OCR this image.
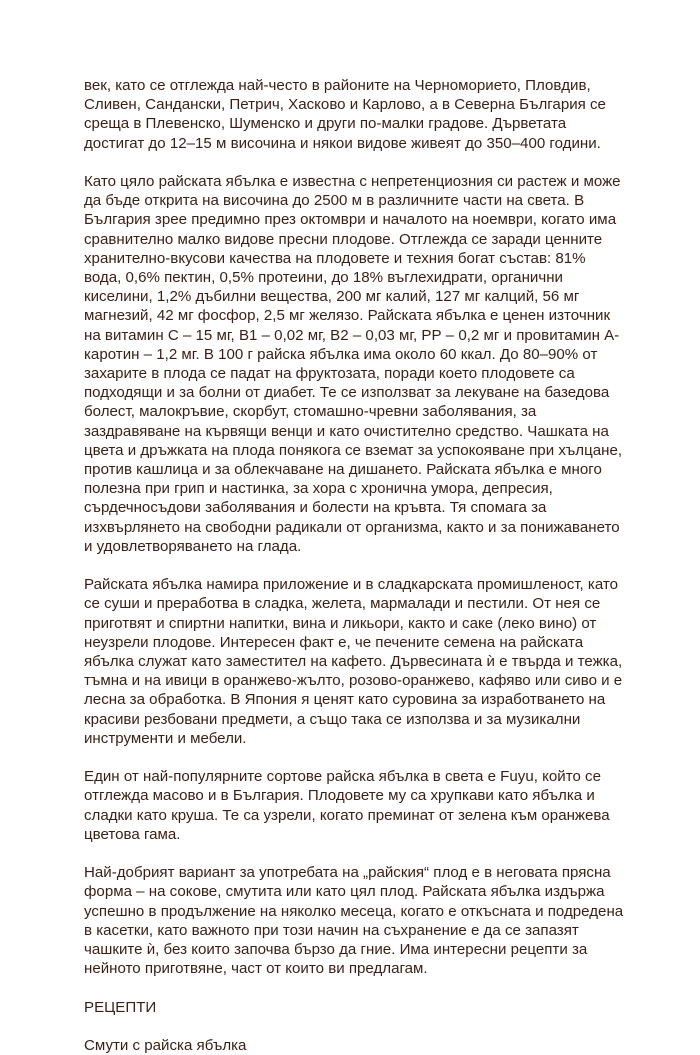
век, като се отглежда най-често в районите на Черноморието, Пловдив, Сливен, Сандански, Петрич, Хасково и Карлово, а в Северна България се среща в Плевенско, Шуменско и други по-малки градове. Дърветата достигат до 12–15 м височина и някои видове живеят до 350–400 години.

Като цяло райската ябълка е известна с непретенциозния си растеж и може да бъде открита на височина до 2500 м в различните части на света. В България зрее предимно през октомври и началото на ноември, когато има сравнително малко видове пресни плодове. Отглежда се заради ценните хранително-вкусови качества на плодовете и техния богат състав: 81% вода, 0,6% пектин, 0,5% протеини, до 18% въглехидрати, органични киселини, 1,2% дъбилни вещества, 200 мг калий, 127 мг калций, 56 мг магнезий, 42 мг фосфор, 2,5 мг желязо. Райската ябълка е ценен източник на витамин С – 15 мг, В1 – 0,02 мг, В2 – 0,03 мг, РР – 0,2 мг и провитамин А-каротин – 1,2 мг. В 100 г райска ябълка има около 60 ккал. До 80–90% от захарите в плода се падат на фруктозата, поради което плодовете са подходящи и за болни от диабет. Те се използват за лекуване на базедова болест, малокръвие, скорбут, стомашно-чревни заболявания, за заздравяване на кървящи венци и като очистително средство. Чашката на цвета и дръжката на плода понякога се вземат за успокояване при хълцане, против кашлица и за облекчаване на дишането. Райската ябълка е много полезна при грип и настинка, за хора с хронична умора, депресия, сърдечносъдови заболявания и болести на кръвта. Тя спомага за изхвърлянето на свободни радикали от организма, както и за понижаването и удовлетворяването на глада.

Райската ябълка намира приложение и в сладкарската промишленост, като се суши и преработва в сладка, желета, мармалади и пестили. От нея се приготвят и спиртни напитки, вина и ликьори, както и саке (леко вино) от неузрели плодове. Интересен факт е, че печените семена на райската ябълка служат като заместител на кафето. Дървесината ѝ е твърда и тежка, тъмна и на ивици в оранжево-жълто, розово-оранжево, кафяво или сиво и е лесна за обработка. В Япония я ценят като суровина за изработването на красиви резбовани предмети, а също така се използва и за музикални инструменти и мебели.

Един от най-популярните сортове райска ябълка в света е Fuyu, който се отглежда масово и в България. Плодовете му са хрупкави като ябълка и сладки като круша. Те са узрели, когато преминат от зелена към оранжева цветова гама.

Най-добрият вариант за употребата на „райския“ плод е в неговата прясна форма – на сокове, смутита или като цял плод. Райската ябълка издържа успешно в продължение на няколко месеца, когато е откъсната и подредена в касетки, като важното при този начин на съхранение е да се запазят чашките ѝ, без които започва бързо да гние. Има интересни рецепти за нейното приготвяне, част от които ви предлагам.

РЕЦЕПТИ

Смути с райска ябълка
